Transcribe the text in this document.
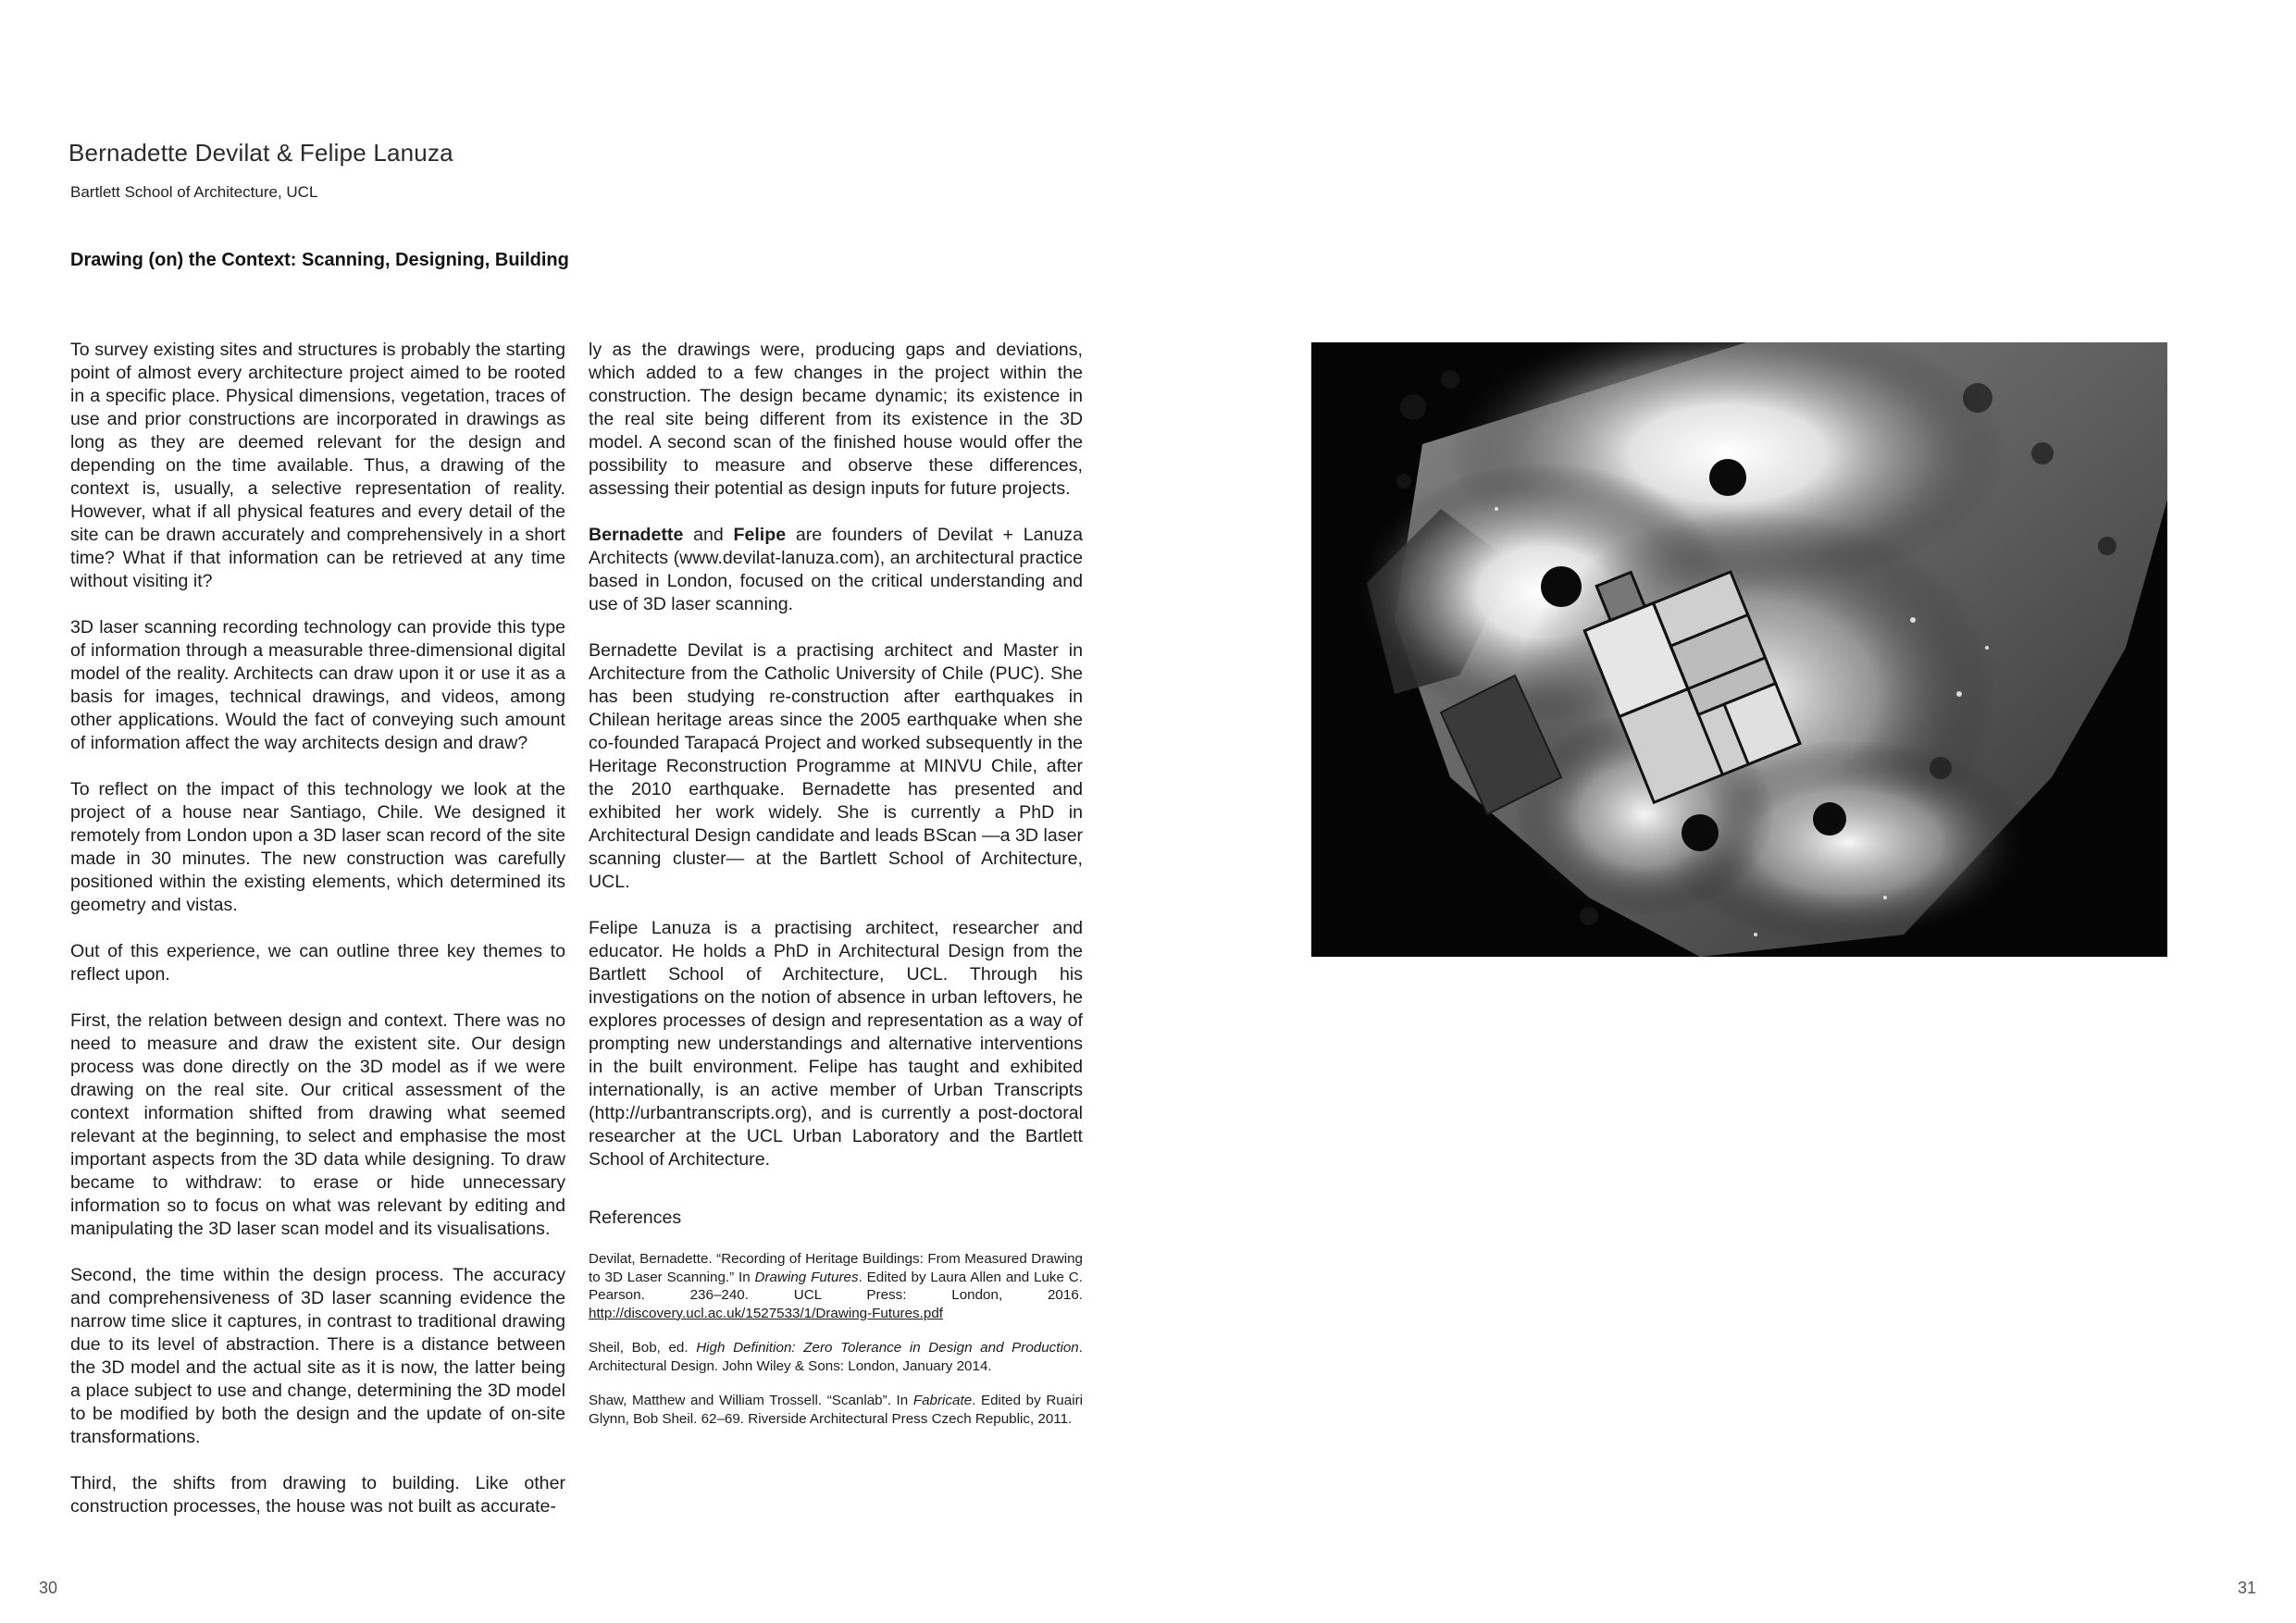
Bernadette Devilat & Felipe Lanuza
Bartlett School of Architecture, UCL
Drawing (on) the Context: Scanning, Designing, Building

To survey existing sites and structures is probably the starting point of almost every architecture project aimed to be rooted in a specific place. Physical dimensions, vegetation, traces of use and prior constructions are incorporated in drawings as long as they are deemed relevant for the design and depending on the time available. Thus, a drawing of the context is, usually, a selective representation of reality. However, what if all physical features and every detail of the site can be drawn accurately and comprehensively in a short time? What if that information can be retrieved at any time without visiting it?

3D laser scanning recording technology can provide this type of information through a measurable three-dimensional digital model of the reality. Architects can draw upon it or use it as a basis for images, technical drawings, and videos, among other applications. Would the fact of conveying such amount of information affect the way architects design and draw?

To reflect on the impact of this technology we look at the project of a house near Santiago, Chile. We designed it remotely from London upon a 3D laser scan record of the site made in 30 minutes. The new construction was carefully positioned within the existing elements, which determined its geometry and vistas.

Out of this experience, we can outline three key themes to reflect upon.

First, the relation between design and context. There was no need to measure and draw the existent site. Our design process was done directly on the 3D model as if we were drawing on the real site. Our critical assessment of the context information shifted from drawing what seemed relevant at the beginning, to select and emphasise the most important aspects from the 3D data while designing. To draw became to withdraw: to erase or hide unnecessary information so to focus on what was relevant by editing and manipulating the 3D laser scan model and its visualisations.

Second, the time within the design process. The accuracy and comprehensiveness of 3D laser scanning evidence the narrow time slice it captures, in contrast to traditional drawing due to its level of abstraction. There is a distance between the 3D model and the actual site as it is now, the latter being a place subject to use and change, determining the 3D model to be modified by both the design and the update of on-site transformations.

Third, the shifts from drawing to building. Like other construction processes, the house was not built as accurate-

ly as the drawings were, producing gaps and deviations, which added to a few changes in the project within the construction. The design became dynamic; its existence in the real site being different from its existence in the 3D model. A second scan of the finished house would offer the possibility to measure and observe these differences, assessing their potential as design inputs for future projects.

Bernadette and Felipe are founders of Devilat + Lanuza Architects (www.devilat-lanuza.com), an architectural practice based in London, focused on the critical understanding and use of 3D laser scanning.

Bernadette Devilat is a practising architect and Master in Architecture from the Catholic University of Chile (PUC). She has been studying re-construction after earthquakes in Chilean heritage areas since the 2005 earthquake when she co-founded Tarapacá Project and worked subsequently in the Heritage Reconstruction Programme at MINVU Chile, after the 2010 earthquake. Bernadette has presented and exhibited her work widely. She is currently a PhD in Architectural Design candidate and leads BScan —a 3D laser scanning cluster— at the Bartlett School of Architecture, UCL.

Felipe Lanuza is a practising architect, researcher and educator. He holds a PhD in Architectural Design from the Bartlett School of Architecture, UCL. Through his investigations on the notion of absence in urban leftovers, he explores processes of design and representation as a way of prompting new understandings and alternative interventions in the built environment. Felipe has taught and exhibited internationally, is an active member of Urban Transcripts (http://urbantranscripts.org), and is currently a post-doctoral researcher at the UCL Urban Laboratory and the Bartlett School of Architecture.

References

Devilat, Bernadette. “Recording of Heritage Buildings: From Measured Drawing to 3D Laser Scanning.” In Drawing Futures. Edited by Laura Allen and Luke C. Pearson. 236–240. UCL Press: London, 2016. http://discovery.ucl.ac.uk/1527533/1/Drawing-Futures.pdf

Sheil, Bob, ed. High Definition: Zero Tolerance in Design and Production. Architectural Design. John Wiley & Sons: London, January 2014.

Shaw, Matthew and William Trossell. “Scanlab”. In Fabricate. Edited by Ruairi Glynn, Bob Sheil. 62–69. Riverside Architectural Press Czech Republic, 2011.

30	31
